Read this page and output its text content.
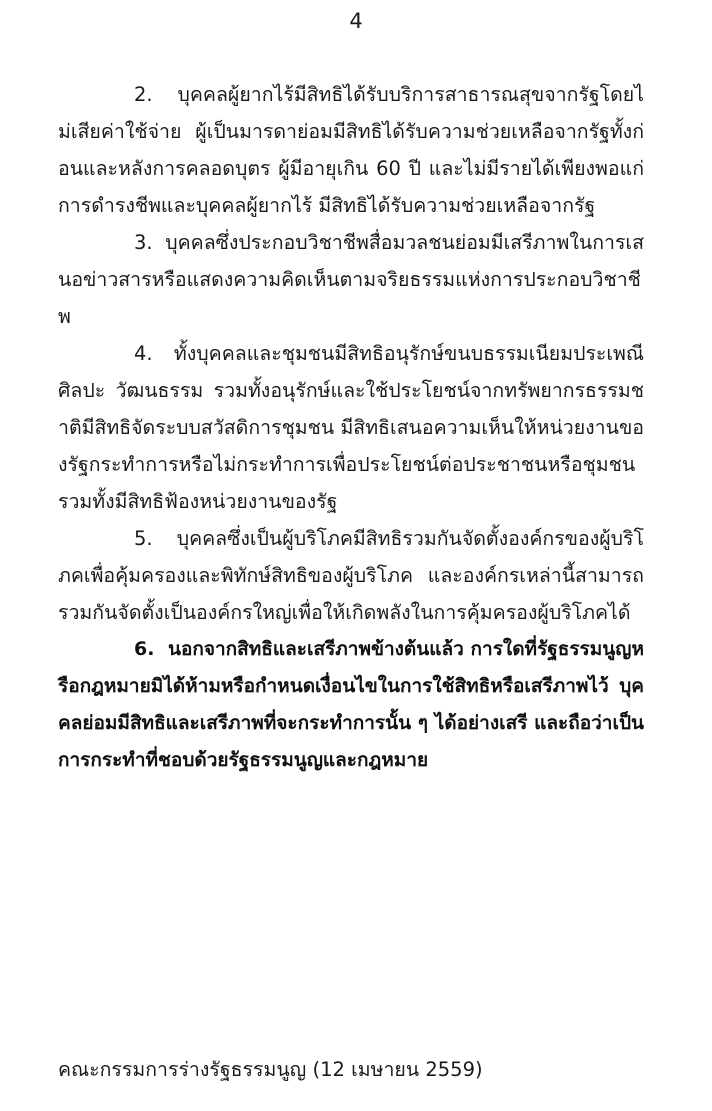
4

2. บุคคลผู้ยากไร้มีสิทธิได้รับบริการสาธารณสุขจากรัฐโดยไม่เสียค่าใช้จ่าย ผู้เป็นมารดาย่อมมีสิทธิได้รับความช่วยเหลือจากรัฐทั้งก่อนและหลังการคลอดบุตร ผู้มีอายุเกิน 60 ปี และไม่มีรายได้เพียงพอแก่การดำรงชีพและบุคคลผู้ยากไร้ มีสิทธิได้รับความช่วยเหลือจากรัฐ

3. บุคคลซึ่งประกอบวิชาชีพสื่อมวลชนย่อมมีเสรีภาพในการเสนอข่าวสารหรือแสดงความคิดเห็นตามจริยธรรมแห่งการประกอบวิชาชีพ

4. ทั้งบุคคลและชุมชนมีสิทธิอนุรักษ์ขนบธรรมเนียมประเพณี ศิลปะ วัฒนธรรม รวมทั้งอนุรักษ์และใช้ประโยชน์จากทรัพยากรธรรมชาติมีสิทธิจัดระบบสวัสดิการชุมชน มีสิทธิเสนอความเห็นให้หน่วยงานของรัฐกระทำการหรือไม่กระทำการเพื่อประโยชน์ต่อประชาชนหรือชุมชน รวมทั้งมีสิทธิฟ้องหน่วยงานของรัฐ

5. บุคคลซึ่งเป็นผู้บริโภคมีสิทธิรวมกันจัดตั้งองค์กรของผู้บริโภคเพื่อคุ้มครองและพิทักษ์สิทธิของผู้บริโภค และองค์กรเหล่านี้สามารถรวมกันจัดตั้งเป็นองค์กรใหญ่เพื่อให้เกิดพลังในการคุ้มครองผู้บริโภคได้

6. นอกจากสิทธิและเสรีภาพข้างต้นแล้ว การใดที่รัฐธรรมนูญหรือกฎหมายมิได้ห้ามหรือกำหนดเงื่อนไขในการใช้สิทธิหรือเสรีภาพไว้ บุคคลย่อมมีสิทธิและเสรีภาพที่จะกระทำการนั้น ๆ ได้อย่างเสรี และถือว่าเป็นการกระทำที่ชอบด้วยรัฐธรรมนูญและกฎหมาย

คณะกรรมการร่างรัฐธรรมนูญ (12 เมษายน 2559)
